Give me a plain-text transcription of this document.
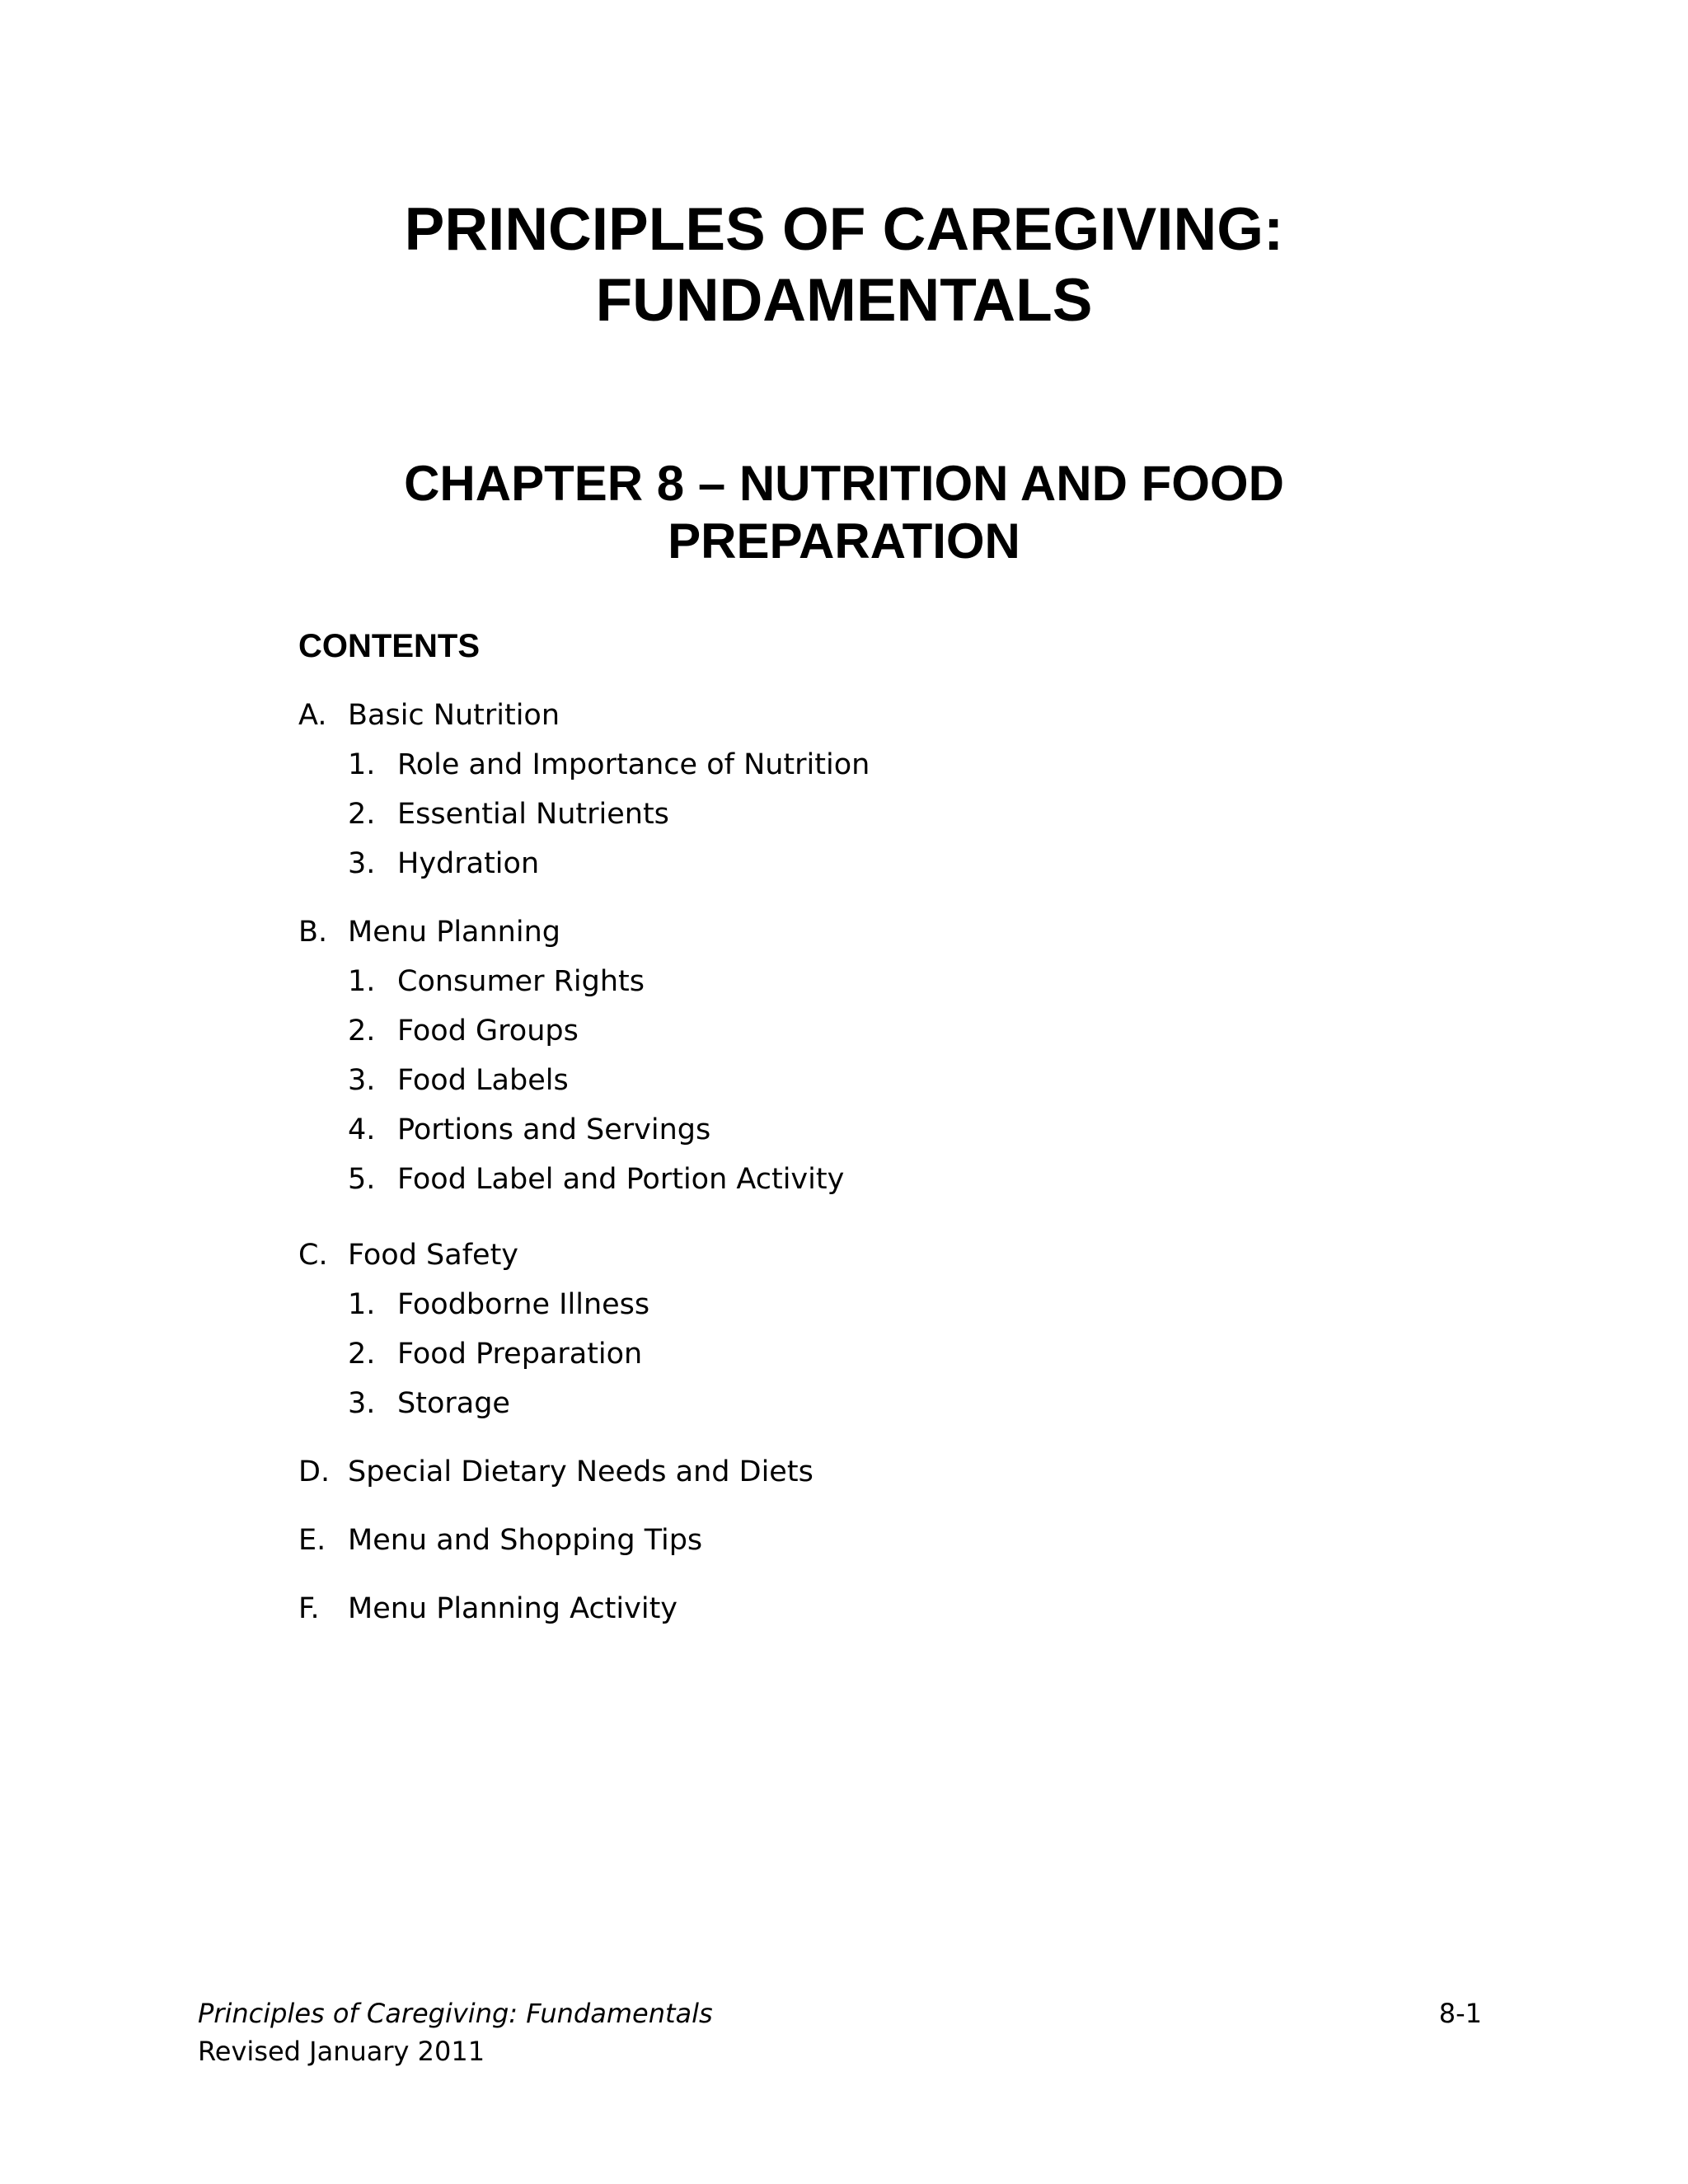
PRINCIPLES OF CAREGIVING:
FUNDAMENTALS
CHAPTER 8 – NUTRITION AND FOOD
PREPARATION
CONTENTS
A. Basic Nutrition
1. Role and Importance of Nutrition
2. Essential Nutrients
3. Hydration
B. Menu Planning
1. Consumer Rights
2. Food Groups
3. Food Labels
4. Portions and Servings
5. Food Label and Portion Activity
C. Food Safety
1. Foodborne Illness
2. Food Preparation
3. Storage
D. Special Dietary Needs and Diets
E. Menu and Shopping Tips
F. Menu Planning Activity
Principles of Caregiving: Fundamentals
Revised January 2011
8-1
